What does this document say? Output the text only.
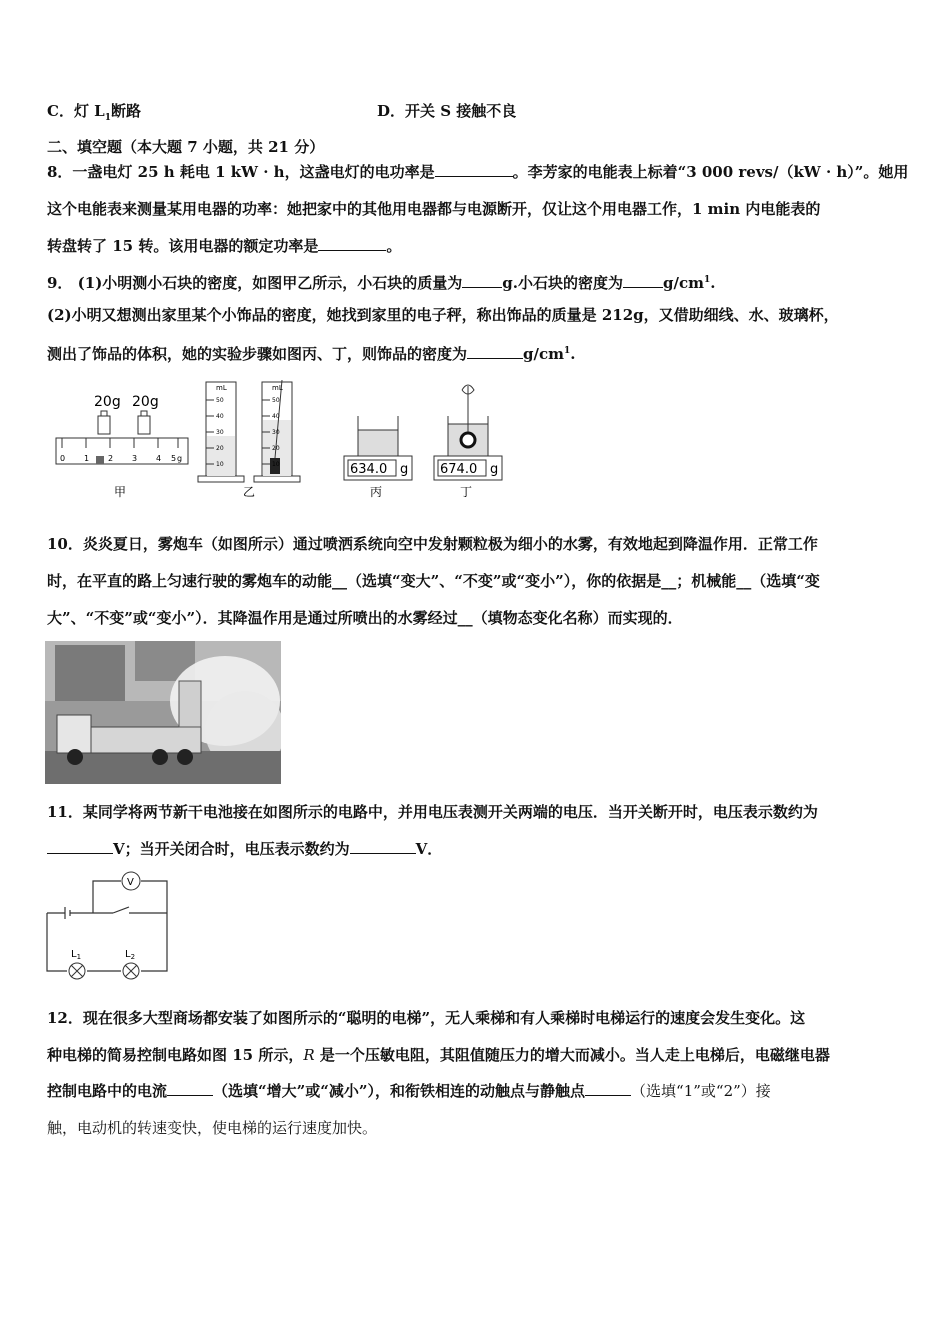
C．灯 $L_1$断路	D．开关 S 接触不良
二、填空题（本大题 7 小题，共 21 分）
8．一盏电灯 25 h 耗电 1 kW · h，这盏电灯的电功率是	。李芳家的电能表上标着“3 000 revs/（kW · h）”。她用
这个电能表来测量某用电器的功率：她把家中的其他用电器都与电源断开，仅让这个用电器工作，1 min 内电能表的
转盘转了 15 转。该用电器的额定功率是	。
9． (1)小明测小石块的密度，如图甲乙所示，小石块的质量为	g.小石块的密度为	$g/cm^1$.
(2)小明又想测出家里某个小饰品的密度，她找到家里的电子秤，称出饰品的质量是 212g，又借助细线、水、玻璃杯，
测出了饰品的体积，她的实验步骤如图丙、丁，则饰品的密度为	$g/cm^1$.
20g 20g
0 1 2 3 4 5 g
甲
mL
50
40
30
20
10
mL
50
40
30
20
10
乙
634.0 g
丙
674.0 g
丁
10．炎炎夏日，雾炮车（如图所示）通过喷洒系统向空中发射颗粒极为细小的水雾，有效地起到降温作用．正常工作
时，在平直的路上匀速行驶的雾炮车的动能__（选填“变大”、“不变”或“变小”），你的依据是__；机械能__（选填“变
大”、“不变”或“变小”）．其降温作用是通过所喷出的水雾经过__（填物态变化名称）而实现的．
11．某同学将两节新干电池接在如图所示的电路中，并用电压表测开关两端的电压．当开关断开时，电压表示数约为
V；当开关闭合时，电压表示数约为	V．
V
$L_1$	$L_2$
12．现在很多大型商场都安装了如图所示的“聪明的电梯”，无人乘梯和有人乘梯时电梯运行的速度会发生变化。这
种电梯的简易控制电路如图 15 所示，R 是一个压敏电阻，其阻值随压力的增大而减小。当人走上电梯后，电磁继电器
控制电路中的电流	（选填“增大”或“减小”），和衔铁相连的动触点与静触点	（选填“1”或“2”）接
触，电动机的转速变快，使电梯的运行速度加快。
